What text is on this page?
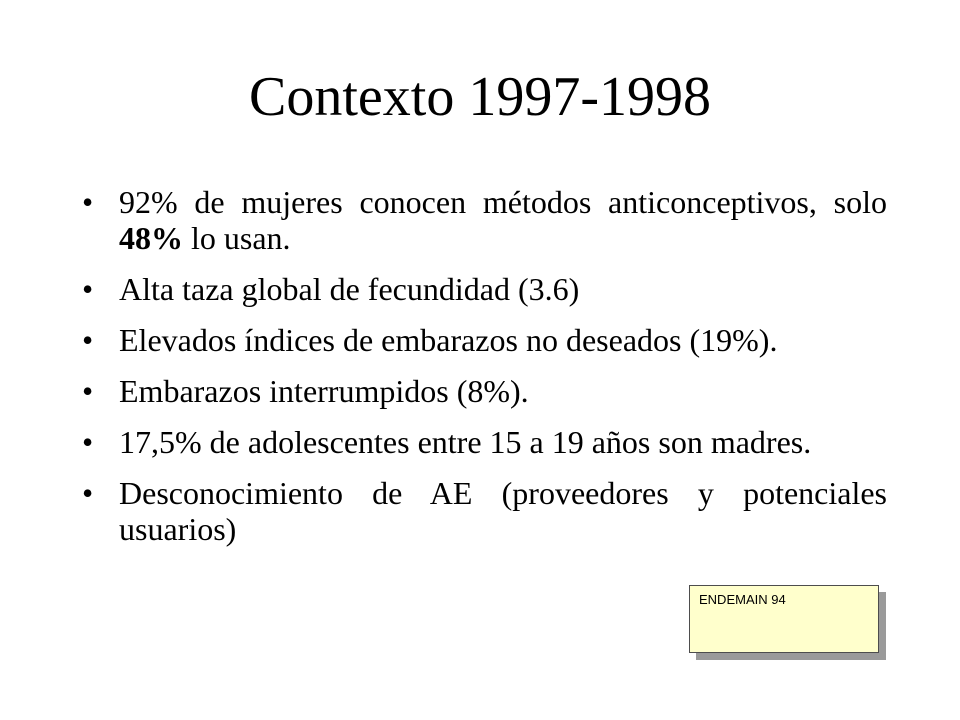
Contexto 1997-1998
• 92% de mujeres conocen métodos anticonceptivos, solo 48% lo usan.
• Alta taza global de fecundidad (3.6)
• Elevados índices de embarazos no deseados (19%).
• Embarazos interrumpidos (8%).
• 17,5% de adolescentes entre 15 a 19 años son madres.
• Desconocimiento de AE (proveedores y potenciales usuarios)
ENDEMAIN 94
